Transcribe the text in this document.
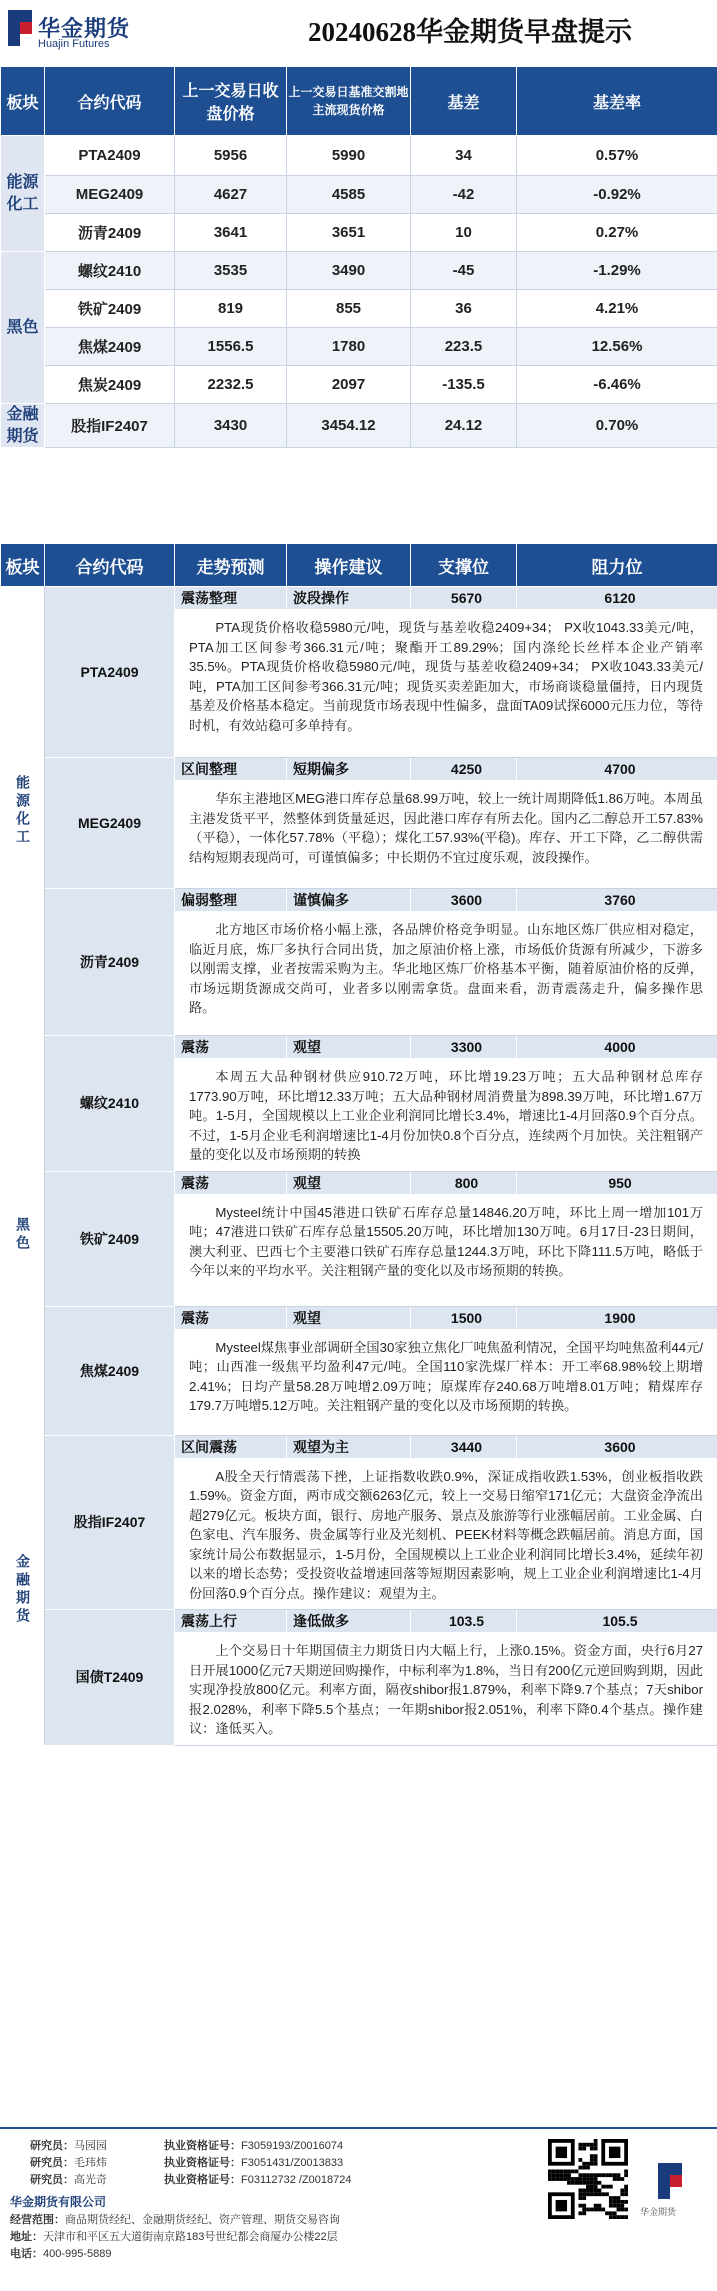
华金期货
Huajin Futures	20240628华金期货早盘提示
板块	合约代码	上一交易日收盘价格	上一交易日基准交割地主流现货价格	基差	基差率
能源化工	PTA2409	5956	5990	34	0.57%
	MEG2409	4627	4585	-42	-0.92%
	沥青2409	3641	3651	10	0.27%
黑色	螺纹2410	3535	3490	-45	-1.29%
	铁矿2409	819	855	36	4.21%
	焦煤2409	1556.5	1780	223.5	12.56%
	焦炭2409	2232.5	2097	-135.5	-6.46%
金融期货	股指IF2407	3430	3454.12	24.12	0.70%
板块	合约代码	走势预测	操作建议	支撑位	阻力位
能源化工	PTA2409	震荡整理	波段操作	5670	6120
		PTA现货价格收稳5980元/吨，现货与基差收稳2409+34； PX收1043.33美元/吨，PTA加工区间参考366.31元/吨；聚酯开工89.29%；国内涤纶长丝样本企业产销率35.5%。PTA现货价格收稳5980元/吨，现货与基差收稳2409+34； PX收1043.33美元/吨，PTA加工区间参考366.31元/吨；现货买卖差距加大，市场商谈稳量僵持，日内现货基差及价格基本稳定。当前现货市场表现中性偏多，盘面TA09试探6000元压力位，等待时机，有效站稳可多单持有。			
	MEG2409	区间整理	短期偏多	4250	4700
		华东主港地区MEG港口库存总量68.99万吨，较上一统计周期降低1.86万吨。本周虽主港发货平平，然整体到货量延迟，因此港口库存有所去化。国内乙二醇总开工57.83%（平稳），一体化57.78%（平稳）；煤化工57.93%(平稳)。库存、开工下降，乙二醇供需结构短期表现尚可，可谨慎偏多；中长期仍不宜过度乐观，波段操作。			
	沥青2409	偏弱整理	谨慎偏多	3600	3760
		北方地区市场价格小幅上涨，各品牌价格竞争明显。山东地区炼厂供应相对稳定，临近月底，炼厂多执行合同出货，加之原油价格上涨，市场低价货源有所减少，下游多以刚需支撑，业者按需采购为主。华北地区炼厂价格基本平衡，随着原油价格的反弹，市场远期货源成交尚可，业者多以刚需拿货。盘面来看，沥青震荡走升，偏多操作思路。			
黑色	螺纹2410	震荡	观望	3300	4000
		本周五大品种钢材供应910.72万吨，环比增19.23万吨；五大品种钢材总库存1773.90万吨，环比增12.33万吨；五大品种钢材周消费量为898.39万吨，环比增1.67万吨。1-5月，全国规模以上工业企业利润同比增长3.4%，增速比1-4月回落0.9个百分点。不过，1-5月企业毛利润增速比1-4月份加快0.8个百分点，连续两个月加快。关注粗钢产量的变化以及市场预期的转换			
	铁矿2409	震荡	观望	800	950
		Mysteel统计中国45港进口铁矿石库存总量14846.20万吨，环比上周一增加101万吨；47港进口铁矿石库存总量15505.20万吨，环比增加130万吨。6月17日-23日期间，澳大利亚、巴西七个主要港口铁矿石库存总量1244.3万吨，环比下降111.5万吨，略低于今年以来的平均水平。关注粗钢产量的变化以及市场预期的转换。			
	焦煤2409	震荡	观望	1500	1900
		Mysteel煤焦事业部调研全国30家独立焦化厂吨焦盈利情况，全国平均吨焦盈利44元/吨；山西准一级焦平均盈利47元/吨。全国110家洗煤厂样本：开工率68.98%较上期增2.41%；日均产量58.28万吨增2.09万吨；原煤库存240.68万吨增8.01万吨；精煤库存179.7万吨增5.12万吨。关注粗钢产量的变化以及市场预期的转换。			
金融期货	股指IF2407	区间震荡	观望为主	3440	3600
		A股全天行情震荡下挫，上证指数收跌0.9%，深证成指收跌1.53%，创业板指收跌1.59%。资金方面，两市成交额6263亿元，较上一交易日缩窄171亿元；大盘资金净流出超279亿元。板块方面，银行、房地产服务、景点及旅游等行业涨幅居前。工业金属、白色家电、汽车服务、贵金属等行业及光刻机、PEEK材料等概念跌幅居前。消息方面，国家统计局公布数据显示，1-5月份，全国规模以上工业企业利润同比增长3.4%，延续年初以来的增长态势；受投资收益增速回落等短期因素影响，规上工业企业利润增速比1-4月份回落0.9个百分点。操作建议：观望为主。			
	国债T2409	震荡上行	逢低做多	103.5	105.5
		上个交易日十年期国债主力期货日内大幅上行，上涨0.15%。资金方面，央行6月27日开展1000亿元7天期逆回购操作，中标利率为1.8%，当日有200亿元逆回购到期，因此实现净投放800亿元。利率方面，隔夜shibor报1.879%，利率下降9.7个基点；7天shibor报2.028%，利率下降5.5个基点；一年期shibor报2.051%，利率下降0.4个基点。操作建议：逢低买入。			
研究员：马园园	执业资格证号：F3059193/Z0016074
研究员：毛玮炜	执业资格证号：F3051431/Z0013833
研究员：高光奇	执业资格证号：F03112732 /Z0018724
华金期货有限公司
经营范围：商品期货经纪、金融期货经纪、资产管理、期货交易咨询
地址：天津市和平区五大道街南京路183号世纪都会商厦办公楼22层
电话：400-995-5889
华金期货
